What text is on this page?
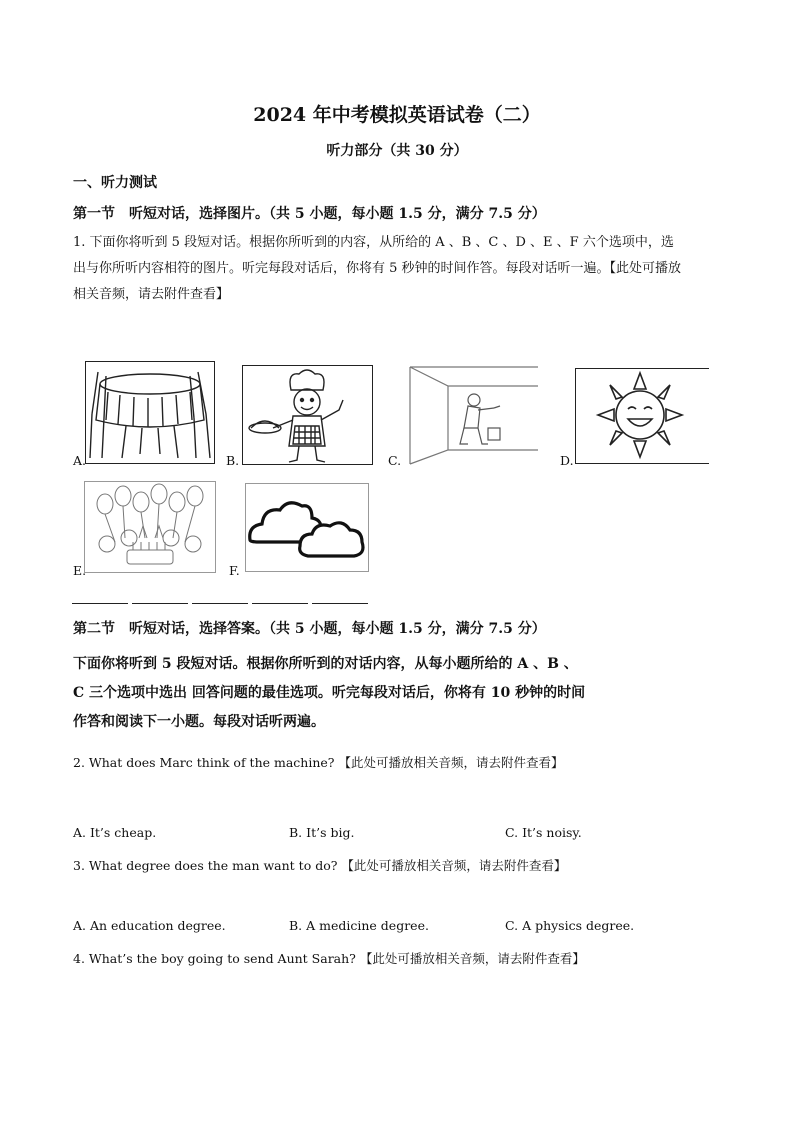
2024 年中考模拟英语试卷（二）
听力部分（共 30 分）
一、听力测试
第一节　听短对话，选择图片。（共 5 小题，每小题 1.5 分，满分 7.5 分）
1. 下面你将听到 5 段短对话。根据你所听到的内容，从所给的 A 、B 、C 、D 、E 、F 六个选项中，选
出与你所听内容相符的图片。听完每段对话后，你将有 5 秒钟的时间作答。每段对话听一遍。【此处可播放
相关音频，请去附件查看】
A.	B.	C.	D.
E.	F.
第二节　听短对话，选择答案。（共 5 小题，每小题 1.5 分，满分 7.5 分）
下面你将听到 5 段短对话。根据你所听到的对话内容，从每小题所给的 A 、B 、
C 三个选项中选出 回答问题的最佳选项。听完每段对话后，你将有 10 秒钟的时间
作答和阅读下一小题。每段对话听两遍。
2. What does Marc think of the machine? 【此处可播放相关音频，请去附件查看】
A. It’s cheap.	B. It’s big.	C. It’s noisy.
3. What degree does the man want to do? 【此处可播放相关音频，请去附件查看】
A. An education degree.	B. A medicine degree.	C. A physics degree.
4. What’s the boy going to send Aunt Sarah? 【此处可播放相关音频，请去附件查看】
